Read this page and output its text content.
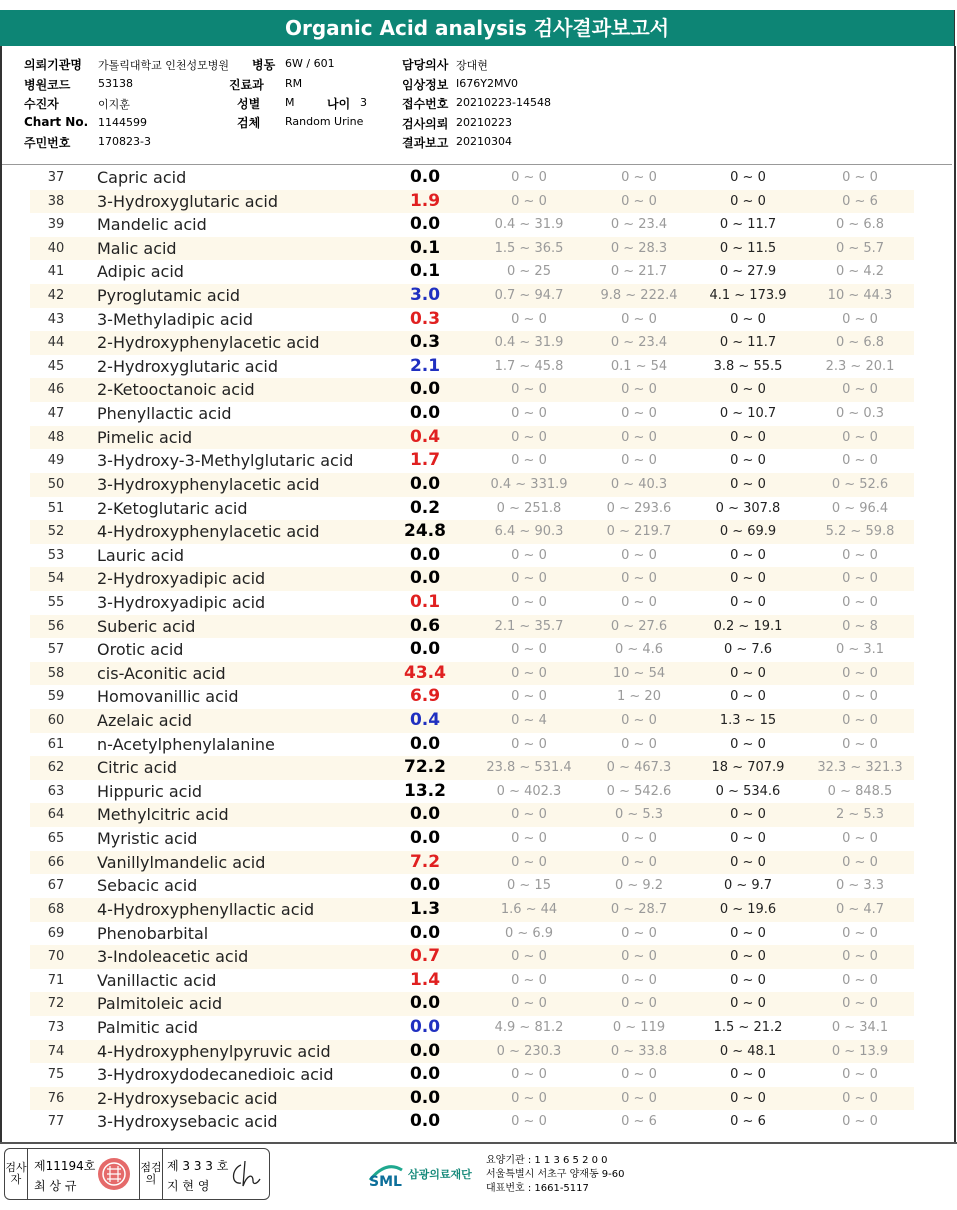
Organic Acid analysis 검사결과보고서
의뢰기관명 가톨릭대학교 인천성모병원 병동 6W / 601	담당의사 장대현
병원코드	53138	진료과 RM	임상정보 I676Y2MV0
수진자	이지훈	성별 M	나이 3	접수번호 20210223-14548
Chart No. 1144599	검체 Random Urine	검사의뢰 20210223
주민번호	170823-3	결과보고 20210304
37	Capric acid	0.0	0 ~ 0	0 ~ 0	0 ~ 0	0 ~ 0
38	3-Hydroxyglutaric acid	1.9	0 ~ 0	0 ~ 0	0 ~ 0	0 ~ 6
39	Mandelic acid	0.0	0.4 ~ 31.9	0 ~ 23.4	0 ~ 11.7	0 ~ 6.8
40	Malic acid	0.1	1.5 ~ 36.5	0 ~ 28.3	0 ~ 11.5	0 ~ 5.7
41	Adipic acid	0.1	0 ~ 25	0 ~ 21.7	0 ~ 27.9	0 ~ 4.2
42	Pyroglutamic acid	3.0	0.7 ~ 94.7	9.8 ~ 222.4	4.1 ~ 173.9	10 ~ 44.3
43	3-Methyladipic acid	0.3	0 ~ 0	0 ~ 0	0 ~ 0	0 ~ 0
44	2-Hydroxyphenylacetic acid	0.3	0.4 ~ 31.9	0 ~ 23.4	0 ~ 11.7	0 ~ 6.8
45	2-Hydroxyglutaric acid	2.1	1.7 ~ 45.8	0.1 ~ 54	3.8 ~ 55.5	2.3 ~ 20.1
46	2-Ketooctanoic acid	0.0	0 ~ 0	0 ~ 0	0 ~ 0	0 ~ 0
47	Phenyllactic acid	0.0	0 ~ 0	0 ~ 0	0 ~ 10.7	0 ~ 0.3
48	Pimelic acid	0.4	0 ~ 0	0 ~ 0	0 ~ 0	0 ~ 0
49	3-Hydroxy-3-Methylglutaric acid	1.7	0 ~ 0	0 ~ 0	0 ~ 0	0 ~ 0
50	3-Hydroxyphenylacetic acid	0.0	0.4 ~ 331.9	0 ~ 40.3	0 ~ 0	0 ~ 52.6
51	2-Ketoglutaric acid	0.2	0 ~ 251.8	0 ~ 293.6	0 ~ 307.8	0 ~ 96.4
52	4-Hydroxyphenylacetic acid	24.8	6.4 ~ 90.3	0 ~ 219.7	0 ~ 69.9	5.2 ~ 59.8
53	Lauric acid	0.0	0 ~ 0	0 ~ 0	0 ~ 0	0 ~ 0
54	2-Hydroxyadipic acid	0.0	0 ~ 0	0 ~ 0	0 ~ 0	0 ~ 0
55	3-Hydroxyadipic acid	0.1	0 ~ 0	0 ~ 0	0 ~ 0	0 ~ 0
56	Suberic acid	0.6	2.1 ~ 35.7	0 ~ 27.6	0.2 ~ 19.1	0 ~ 8
57	Orotic acid	0.0	0 ~ 0	0 ~ 4.6	0 ~ 7.6	0 ~ 3.1
58	cis-Aconitic acid	43.4	0 ~ 0	10 ~ 54	0 ~ 0	0 ~ 0
59	Homovanillic acid	6.9	0 ~ 0	1 ~ 20	0 ~ 0	0 ~ 0
60	Azelaic acid	0.4	0 ~ 4	0 ~ 0	1.3 ~ 15	0 ~ 0
61	n-Acetylphenylalanine	0.0	0 ~ 0	0 ~ 0	0 ~ 0	0 ~ 0
62	Citric acid	72.2	23.8 ~ 531.4	0 ~ 467.3	18 ~ 707.9	32.3 ~ 321.3
63	Hippuric acid	13.2	0 ~ 402.3	0 ~ 542.6	0 ~ 534.6	0 ~ 848.5
64	Methylcitric acid	0.0	0 ~ 0	0 ~ 5.3	0 ~ 0	2 ~ 5.3
65	Myristic acid	0.0	0 ~ 0	0 ~ 0	0 ~ 0	0 ~ 0
66	Vanillylmandelic acid	7.2	0 ~ 0	0 ~ 0	0 ~ 0	0 ~ 0
67	Sebacic acid	0.0	0 ~ 15	0 ~ 9.2	0 ~ 9.7	0 ~ 3.3
68	4-Hydroxyphenyllactic acid	1.3	1.6 ~ 44	0 ~ 28.7	0 ~ 19.6	0 ~ 4.7
69	Phenobarbital	0.0	0 ~ 6.9	0 ~ 0	0 ~ 0	0 ~ 0
70	3-Indoleacetic acid	0.7	0 ~ 0	0 ~ 0	0 ~ 0	0 ~ 0
71	Vanillactic acid	1.4	0 ~ 0	0 ~ 0	0 ~ 0	0 ~ 0
72	Palmitoleic acid	0.0	0 ~ 0	0 ~ 0	0 ~ 0	0 ~ 0
73	Palmitic acid	0.0	4.9 ~ 81.2	0 ~ 119	1.5 ~ 21.2	0 ~ 34.1
74	4-Hydroxyphenylpyruvic acid	0.0	0 ~ 230.3	0 ~ 33.8	0 ~ 48.1	0 ~ 13.9
75	3-Hydroxydodecanedioic acid	0.0	0 ~ 0	0 ~ 0	0 ~ 0	0 ~ 0
76	2-Hydroxysebacic acid	0.0	0 ~ 0	0 ~ 0	0 ~ 0	0 ~ 0
77	3-Hydroxysebacic acid	0.0	0 ~ 0	0 ~ 6	0 ~ 6	0 ~ 0
검사자
제11194호
최 상 규
점검의
제 3 3 3 호
지 현 영	SML 삼광의료재단
요양기관 : 1 1 3 6 5 2 0 0
서울특별시 서초구 양재동 9-60
대표번호 : 1661-5117
